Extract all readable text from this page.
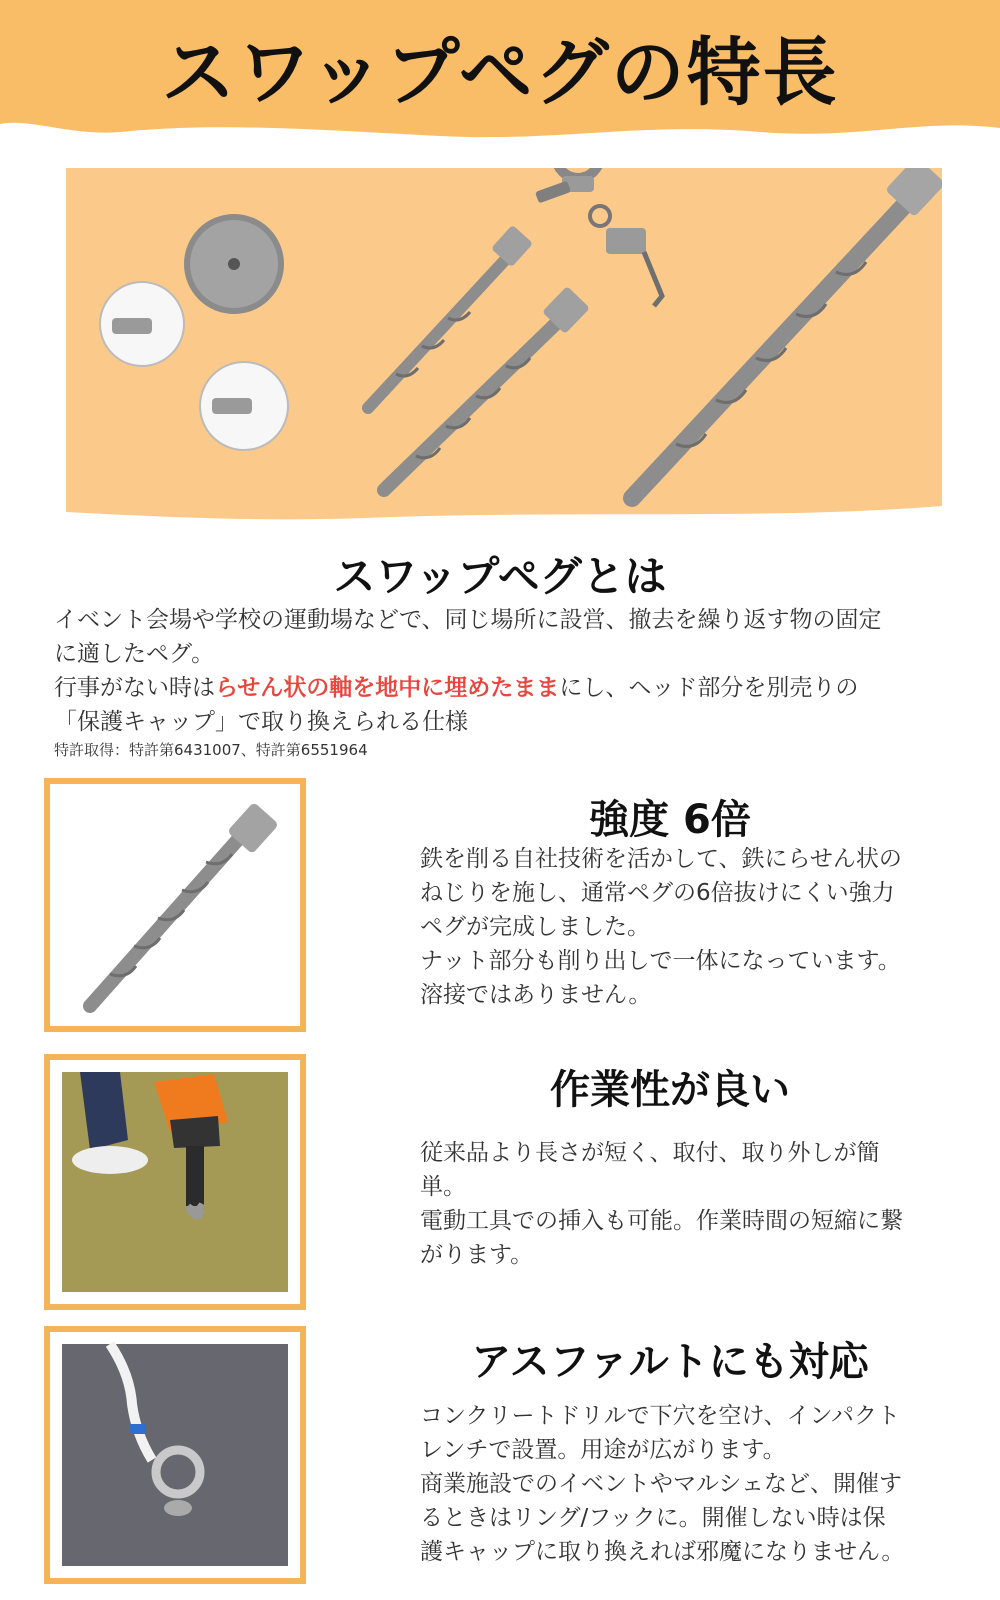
スワップペグの特長
スワップペグとは

イベント会場や学校の運動場などで、同じ場所に設営、撤去を繰り返す物の固定

に適したペグ。

行事がない時はらせん状の軸を地中に埋めたままにし、ヘッド部分を別売りの

「保護キャップ」で取り換えられる仕様

特許取得：特許第6431007、特許第6551964
強度 6倍

鉄を削る自社技術を活かして、鉄にらせん状の

ねじりを施し、通常ペグの6倍抜けにくい強力

ペグが完成しました。

ナット部分も削り出しで一体になっています。

溶接ではありません。

作業性が良い

従来品より長さが短く、取付、取り外しが簡

単。

電動工具での挿入も可能。作業時間の短縮に繋

がります。

アスファルトにも対応

コンクリートドリルで下穴を空け、インパクト

レンチで設置。用途が広がります。

商業施設でのイベントやマルシェなど、開催す

るときはリング/フックに。開催しない時は保

護キャップに取り換えれば邪魔になりません。
